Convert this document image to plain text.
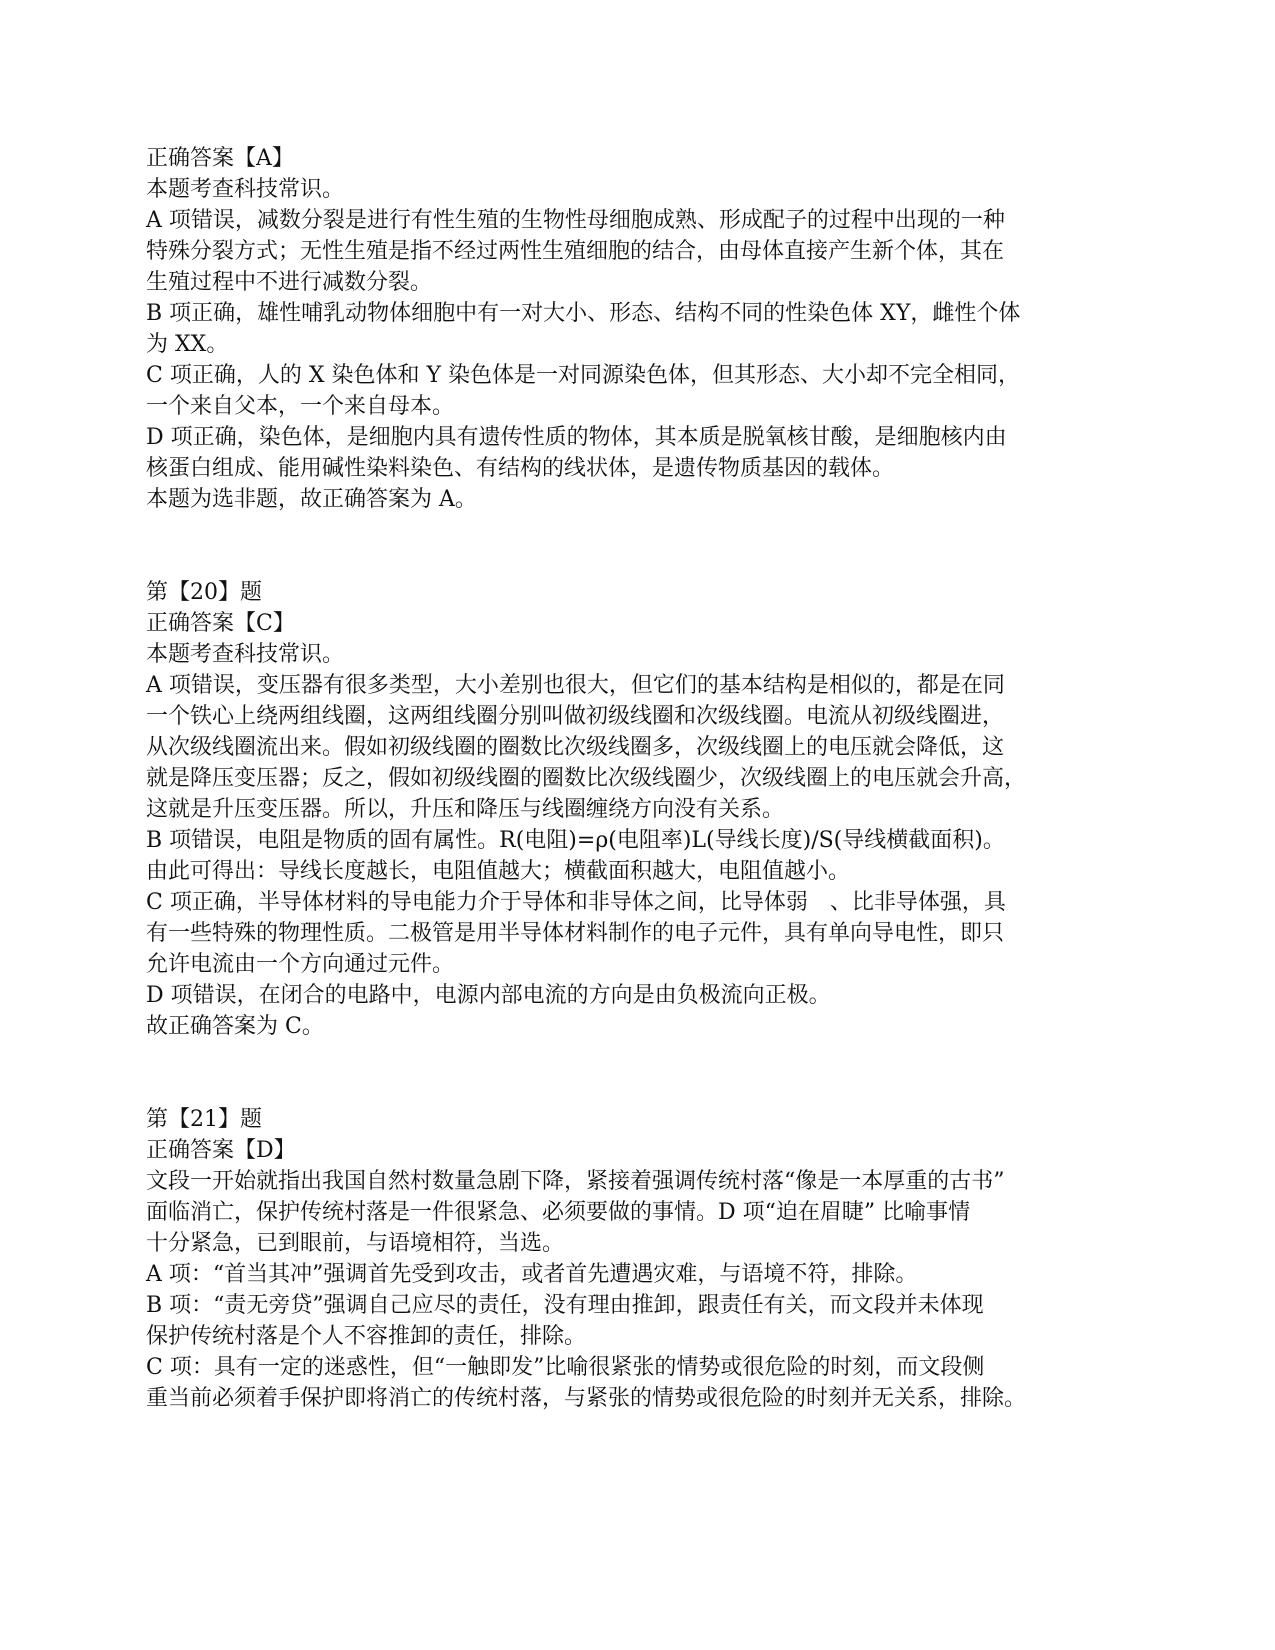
正确答案【A】
本题考查科技常识。
A 项错误，减数分裂是进行有性生殖的生物性母细胞成熟、形成配子的过程中出现的一种
特殊分裂方式；无性生殖是指不经过两性生殖细胞的结合，由母体直接产生新个体，其在
生殖过程中不进行减数分裂。
B 项正确，雄性哺乳动物体细胞中有一对大小、形态、结构不同的性染色体 XY，雌性个体
为 XX。
C 项正确，人的 X 染色体和 Y 染色体是一对同源染色体，但其形态、大小却不完全相同，
一个来自父本，一个来自母本。
D 项正确，染色体，是细胞内具有遗传性质的物体，其本质是脱氧核甘酸，是细胞核内由
核蛋白组成、能用碱性染料染色、有结构的线状体，是遗传物质基因的载体。
本题为选非题，故正确答案为 A。
第【20】题
正确答案【C】
本题考查科技常识。
A 项错误，变压器有很多类型，大小差别也很大，但它们的基本结构是相似的，都是在同
一个铁心上绕两组线圈，这两组线圈分别叫做初级线圈和次级线圈。电流从初级线圈进，
从次级线圈流出来。假如初级线圈的圈数比次级线圈多，次级线圈上的电压就会降低，这
就是降压变压器；反之，假如初级线圈的圈数比次级线圈少，次级线圈上的电压就会升高，
这就是升压变压器。所以，升压和降压与线圈缠绕方向没有关系。
B 项错误，电阻是物质的固有属性。R(电阻)=ρ(电阻率)L(导线长度)/S(导线横截面积)。
由此可得出：导线长度越长，电阻值越大；横截面积越大，电阻值越小。
C 项正确，半导体材料的导电能力介于导体和非导体之间，比导体弱　、比非导体强，具
有一些特殊的物理性质。二极管是用半导体材料制作的电子元件，具有单向导电性，即只
允许电流由一个方向通过元件。
D 项错误，在闭合的电路中，电源内部电流的方向是由负极流向正极。
故正确答案为 C。
第【21】题
正确答案【D】
文段一开始就指出我国自然村数量急剧下降，紧接着强调传统村落“像是一本厚重的古书”
面临消亡，保护传统村落是一件很紧急、必须要做的事情。D 项“迫在眉睫” 比喻事情
十分紧急，已到眼前，与语境相符，当选。
A 项：“首当其冲”强调首先受到攻击，或者首先遭遇灾难，与语境不符，排除。
B 项：“责无旁贷”强调自己应尽的责任，没有理由推卸，跟责任有关，而文段并未体现
保护传统村落是个人不容推卸的责任，排除。
C 项：具有一定的迷惑性，但“一触即发”比喻很紧张的情势或很危险的时刻，而文段侧
重当前必须着手保护即将消亡的传统村落，与紧张的情势或很危险的时刻并无关系，排除。
